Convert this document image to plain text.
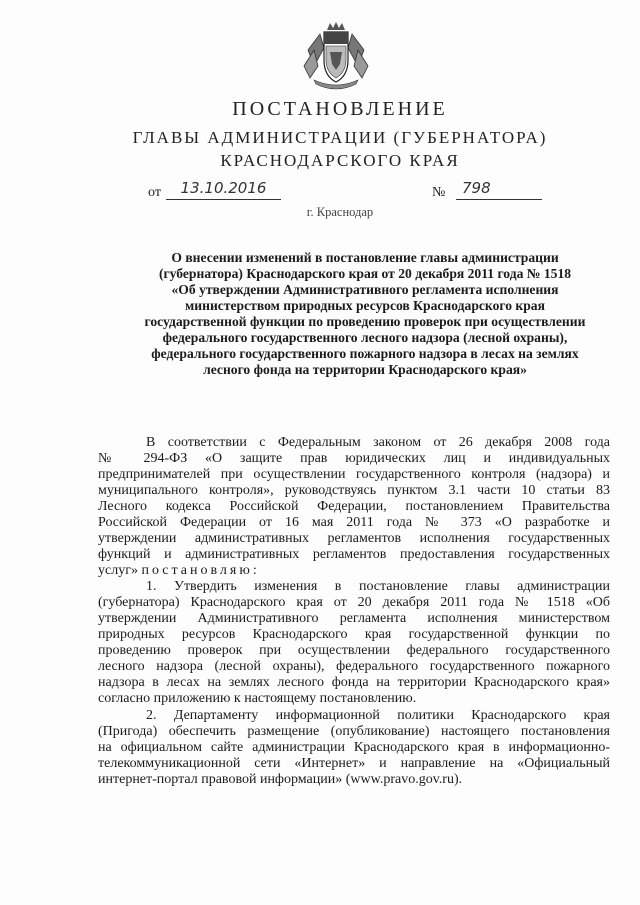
ПОСТАНОВЛЕНИЕ
ГЛАВЫ АДМИНИСТРАЦИИ (ГУБЕРНАТОРА)
КРАСНОДАРСКОГО КРАЯ
от	13.10.2016	№	798
г. Краснодар
О внесении изменений в постановление главы администрации
(губернатора) Краснодарского края от 20 декабря 2011 года № 1518
«Об утверждении Административного регламента исполнения
министерством природных ресурсов Краснодарского края
государственной функции по проведению проверок при осуществлении
федерального государственного лесного надзора (лесной охраны),
федерального государственного пожарного надзора в лесах на землях
лесного фонда на территории Краснодарского края»
В соответствии с Федеральным законом от 26 декабря 2008 года
№ 294-ФЗ «О защите прав юридических лиц и индивидуальных
предпринимателей при осуществлении государственного контроля (надзора) и
муниципального контроля», руководствуясь пунктом 3.1 части 10 статьи 83
Лесного кодекса Российской Федерации, постановлением Правительства
Российской Федерации от 16 мая 2011 года № 373 «О разработке и
утверждении административных регламентов исполнения государственных
функций и административных регламентов предоставления государственных
услуг» постановляю:
1. Утвердить изменения в постановление главы администрации
(губернатора) Краснодарского края от 20 декабря 2011 года № 1518 «Об
утверждении Административного регламента исполнения министерством
природных ресурсов Краснодарского края государственной функции по
проведению проверок при осуществлении федерального государственного
лесного надзора (лесной охраны), федерального государственного пожарного
надзора в лесах на землях лесного фонда на территории Краснодарского края»
согласно приложению к настоящему постановлению.
2. Департаменту информационной политики Краснодарского края
(Пригода) обеспечить размещение (опубликование) настоящего постановления
на официальном сайте администрации Краснодарского края в информационно-
телекоммуникационной сети «Интернет» и направление на «Официальный
интернет-портал правовой информации» (www.pravo.gov.ru).
